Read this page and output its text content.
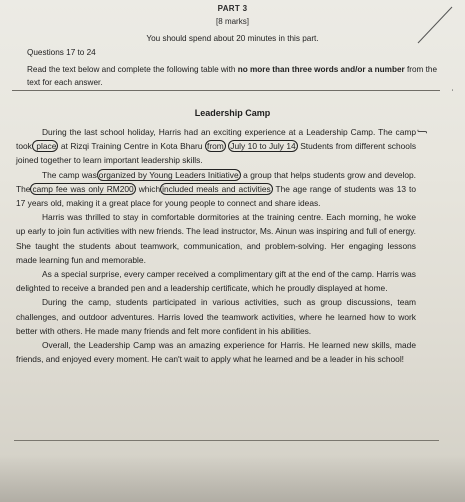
PART 3
[8 marks]
You should spend about 20 minutes in this part.
Questions 17 to 24
Read the text below and complete the following table with no more than three words and/or a number from the text for each answer.
Leadership Camp

During the last school holiday, Harris had an exciting experience at a Leadership Camp. The camp took place at Rizqi Training Centre in Kota Bharu from July 10 to July 14 Students from different schools joined together to learn important leadership skills.

The camp was organized by Young Leaders Initiative a group that helps students grow and develop. The camp fee was only RM200 which included meals and activities The age range of students was 13 to 17 years old, making it a great place for young people to connect and share ideas.

Harris was thrilled to stay in comfortable dormitories at the training centre. Each morning, he woke up early to join fun activities with new friends. The lead instructor, Ms. Ainun was inspiring and full of energy. She taught the students about teamwork, communication, and problem-solving. Her engaging lessons made learning fun and memorable.

As a special surprise, every camper received a complimentary gift at the end of the camp. Harris was delighted to receive a branded pen and a leadership certificate, which he proudly displayed at home.

During the camp, students participated in various activities, such as group discussions, team challenges, and outdoor adventures. Harris loved the teamwork activities, where he learned how to work better with others. He made many friends and felt more confident in his abilities.

Overall, the Leadership Camp was an amazing experience for Harris. He learned new skills, made friends, and enjoyed every moment. He can't wait to apply what he learned and be a leader in his school!

ʃ
ʿ
